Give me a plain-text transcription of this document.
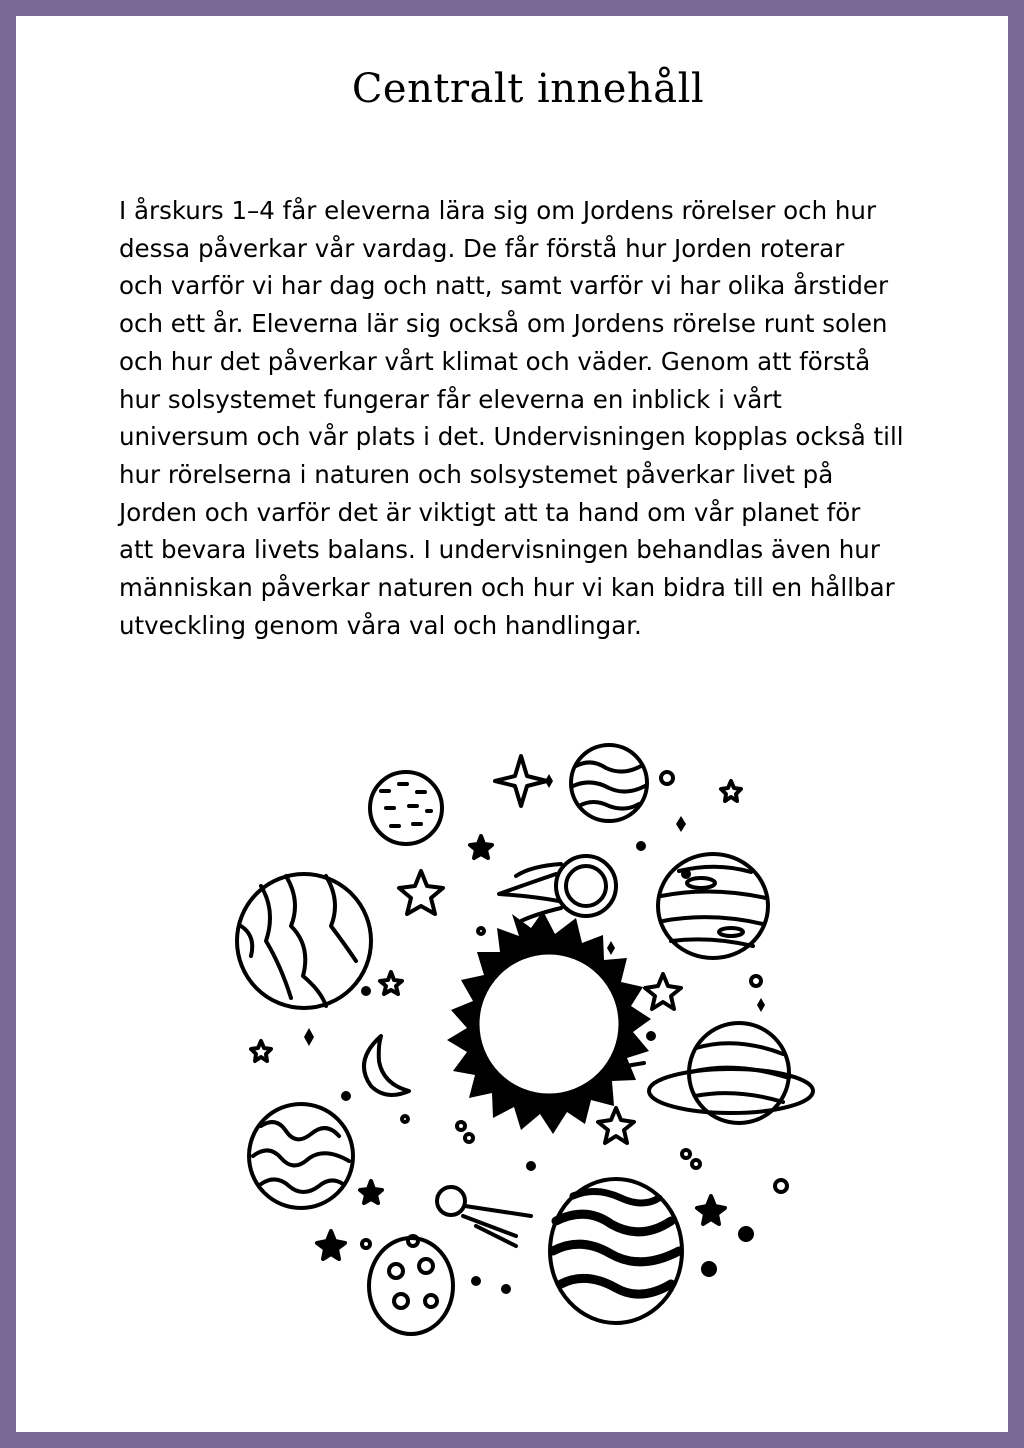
Centralt innehåll

I årskurs 1–4 får eleverna lära sig om Jordens rörelser och hur

dessa påverkar vår vardag. De får förstå hur Jorden roterar

och varför vi har dag och natt, samt varför vi har olika årstider

och ett år. Eleverna lär sig också om Jordens rörelse runt solen

och hur det påverkar vårt klimat och väder. Genom att förstå

hur solsystemet fungerar får eleverna en inblick i vårt

universum och vår plats i det. Undervisningen kopplas också till

hur rörelserna i naturen och solsystemet påverkar livet på

Jorden och varför det är viktigt att ta hand om vår planet för

att bevara livets balans. I undervisningen behandlas även hur

människan påverkar naturen och hur vi kan bidra till en hållbar

utveckling genom våra val och handlingar.
